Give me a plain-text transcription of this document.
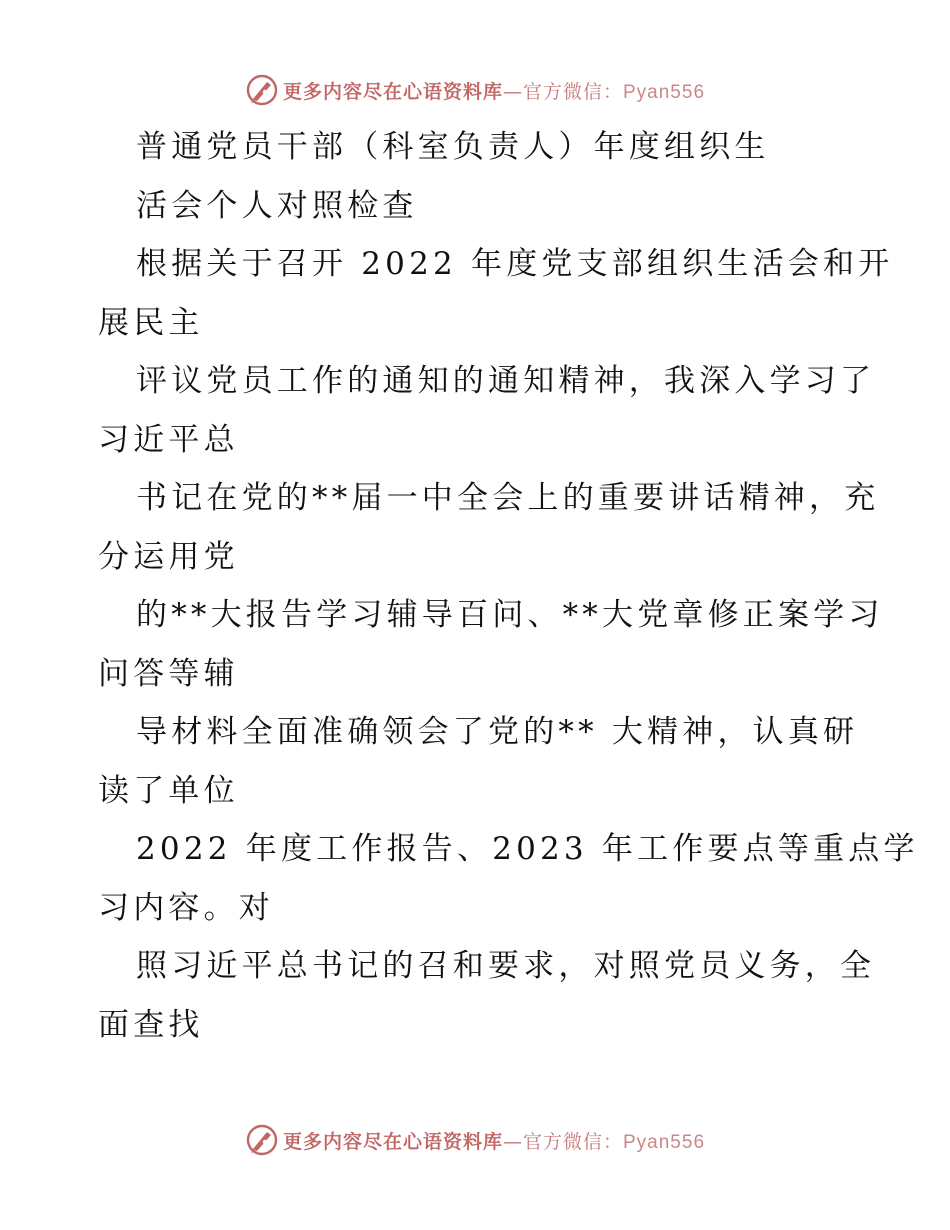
更多内容尽在心语资料库—官方微信：Pyan556
普通党员干部（科室负责人）年度组织生
活会个人对照检查
根据关于召开 2022 年度党支部组织生活会和开
展民主
评议党员工作的通知的通知精神，我深入学习了
习近平总
书记在党的**届一中全会上的重要讲话精神，充
分运用党
的**大报告学习辅导百问、**大党章修正案学习
问答等辅
导材料全面准确领会了党的** 大精神，认真研
读了单位
2022 年度工作报告、2023 年工作要点等重点学
习内容。对
照习近平总书记的召和要求，对照党员义务，全
面查找
更多内容尽在心语资料库—官方微信：Pyan556
